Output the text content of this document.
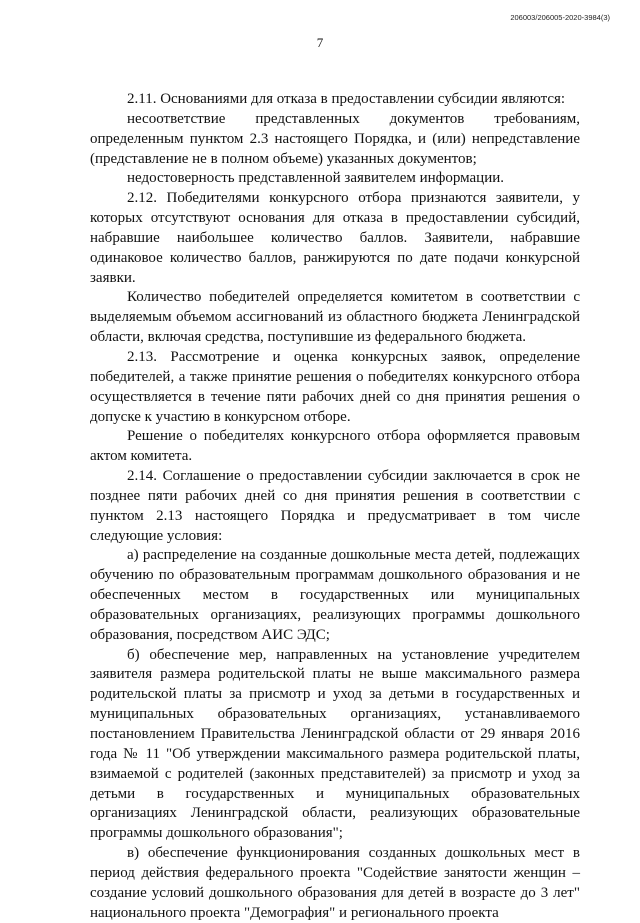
206003/206005-2020-3984(3)
7

2.11. Основаниями для отказа в предоставлении субсидии являются:

несоответствие представленных документов требованиям, определенным пунктом 2.3 настоящего Порядка, и (или) непредставление (представление не в полном объеме) указанных документов;

недостоверность представленной заявителем информации.

2.12. Победителями конкурсного отбора признаются заявители, у которых отсутствуют основания для отказа в предоставлении субсидий, набравшие наибольшее количество баллов. Заявители, набравшие одинаковое количество баллов, ранжируются по дате подачи конкурсной заявки.

Количество победителей определяется комитетом в соответствии с выделяемым объемом ассигнований из областного бюджета Ленинградской области, включая средства, поступившие из федерального бюджета.

2.13. Рассмотрение и оценка конкурсных заявок, определение победителей, а также принятие решения о победителях конкурсного отбора осуществляется в течение пяти рабочих дней со дня принятия решения о допуске к участию в конкурсном отборе.

Решение о победителях конкурсного отбора оформляется правовым актом комитета.

2.14. Соглашение о предоставлении субсидии заключается в срок не позднее пяти рабочих дней со дня принятия решения в соответствии с пунктом 2.13 настоящего Порядка и предусматривает в том числе следующие условия:

а) распределение на созданные дошкольные места детей, подлежащих обучению по образовательным программам дошкольного образования и не обеспеченных местом в государственных или муниципальных образовательных организациях, реализующих программы дошкольного образования, посредством АИС ЭДС;

б) обеспечение мер, направленных на установление учредителем заявителя размера родительской платы не выше максимального размера родительской платы за присмотр и уход за детьми в государственных и муниципальных образовательных организациях, устанавливаемого постановлением Правительства Ленинградской области от 29 января 2016 года № 11 "Об утверждении максимального размера родительской платы, взимаемой с родителей (законных представителей) за присмотр и уход за детьми в государственных и муниципальных образовательных организациях Ленинградской области, реализующих образовательные программы дошкольного образования";

в) обеспечение функционирования созданных дошкольных мест в период действия федерального проекта "Содействие занятости женщин – создание условий дошкольного образования для детей в возрасте до 3 лет" национального проекта "Демография" и регионального проекта
